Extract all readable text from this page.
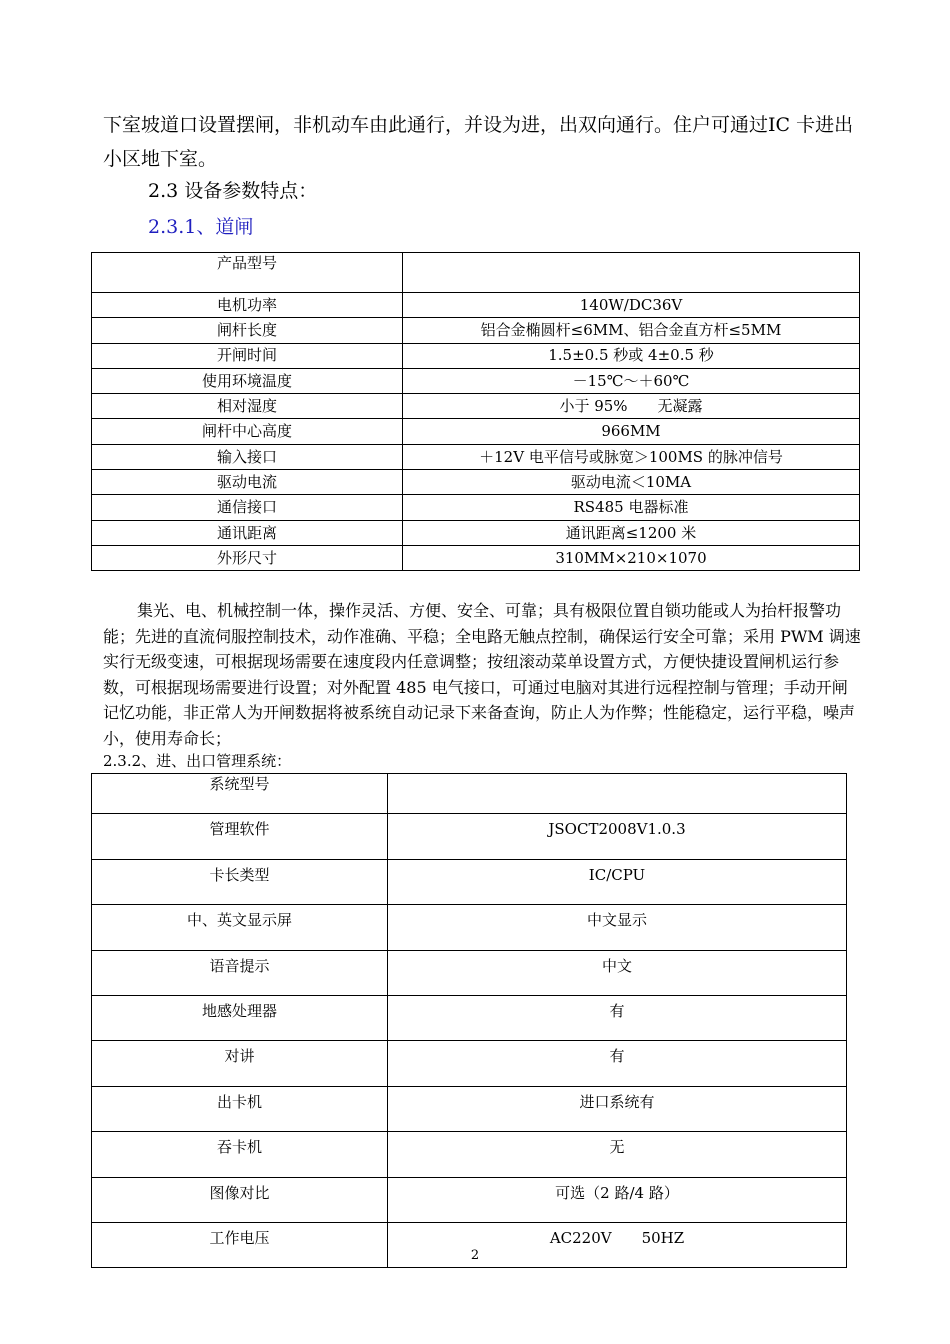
下室坡道口设置摆闸，非机动车由此通行，并设为进，出双向通行。住户可通过IC 卡进出小区地下室。

2.3 设备参数特点：

2.3.1、道闸

产品型号	
电机功率	140W/DC36V
闸杆长度	铝合金椭圆杆≤6MM、铝合金直方杆≤5MM
开闸时间	1.5±0.5 秒或 4±0.5 秒
使用环境温度	－15℃～＋60℃
相对湿度	小于 95%　　无凝露
闸杆中心高度	966MM
输入接口	＋12V 电平信号或脉宽＞100MS 的脉冲信号
驱动电流	驱动电流＜10MA
通信接口	RS485 电器标准
通讯距离	通讯距离≤1200 米
外形尺寸	310MM×210×1070

集光、电、机械控制一体，操作灵活、方便、安全、可靠；具有极限位置自锁功能或人为抬杆报警功能；先进的直流伺服控制技术，动作准确、平稳；全电路无触点控制，确保运行安全可靠；采用 PWM 调速实行无级变速，可根据现场需要在速度段内任意调整；按纽滚动菜单设置方式，方便快捷设置闸机运行参数，可根据现场需要进行设置；对外配置 485 电气接口，可通过电脑对其进行远程控制与管理；手动开闸记忆功能，非正常人为开闸数据将被系统自动记录下来备查询，防止人为作弊；性能稳定，运行平稳，噪声小，使用寿命长；

2.3.2、进、出口管理系统：

系统型号	
管理软件	JSOCT2008V1.0.3
卡长类型	IC/CPU
中、英文显示屏	中文显示
语音提示	中文
地感处理器	有
对讲	有
出卡机	进口系统有
吞卡机	无
图像对比	可选（2 路/4 路）
工作电压	AC220V　　50HZ
2
